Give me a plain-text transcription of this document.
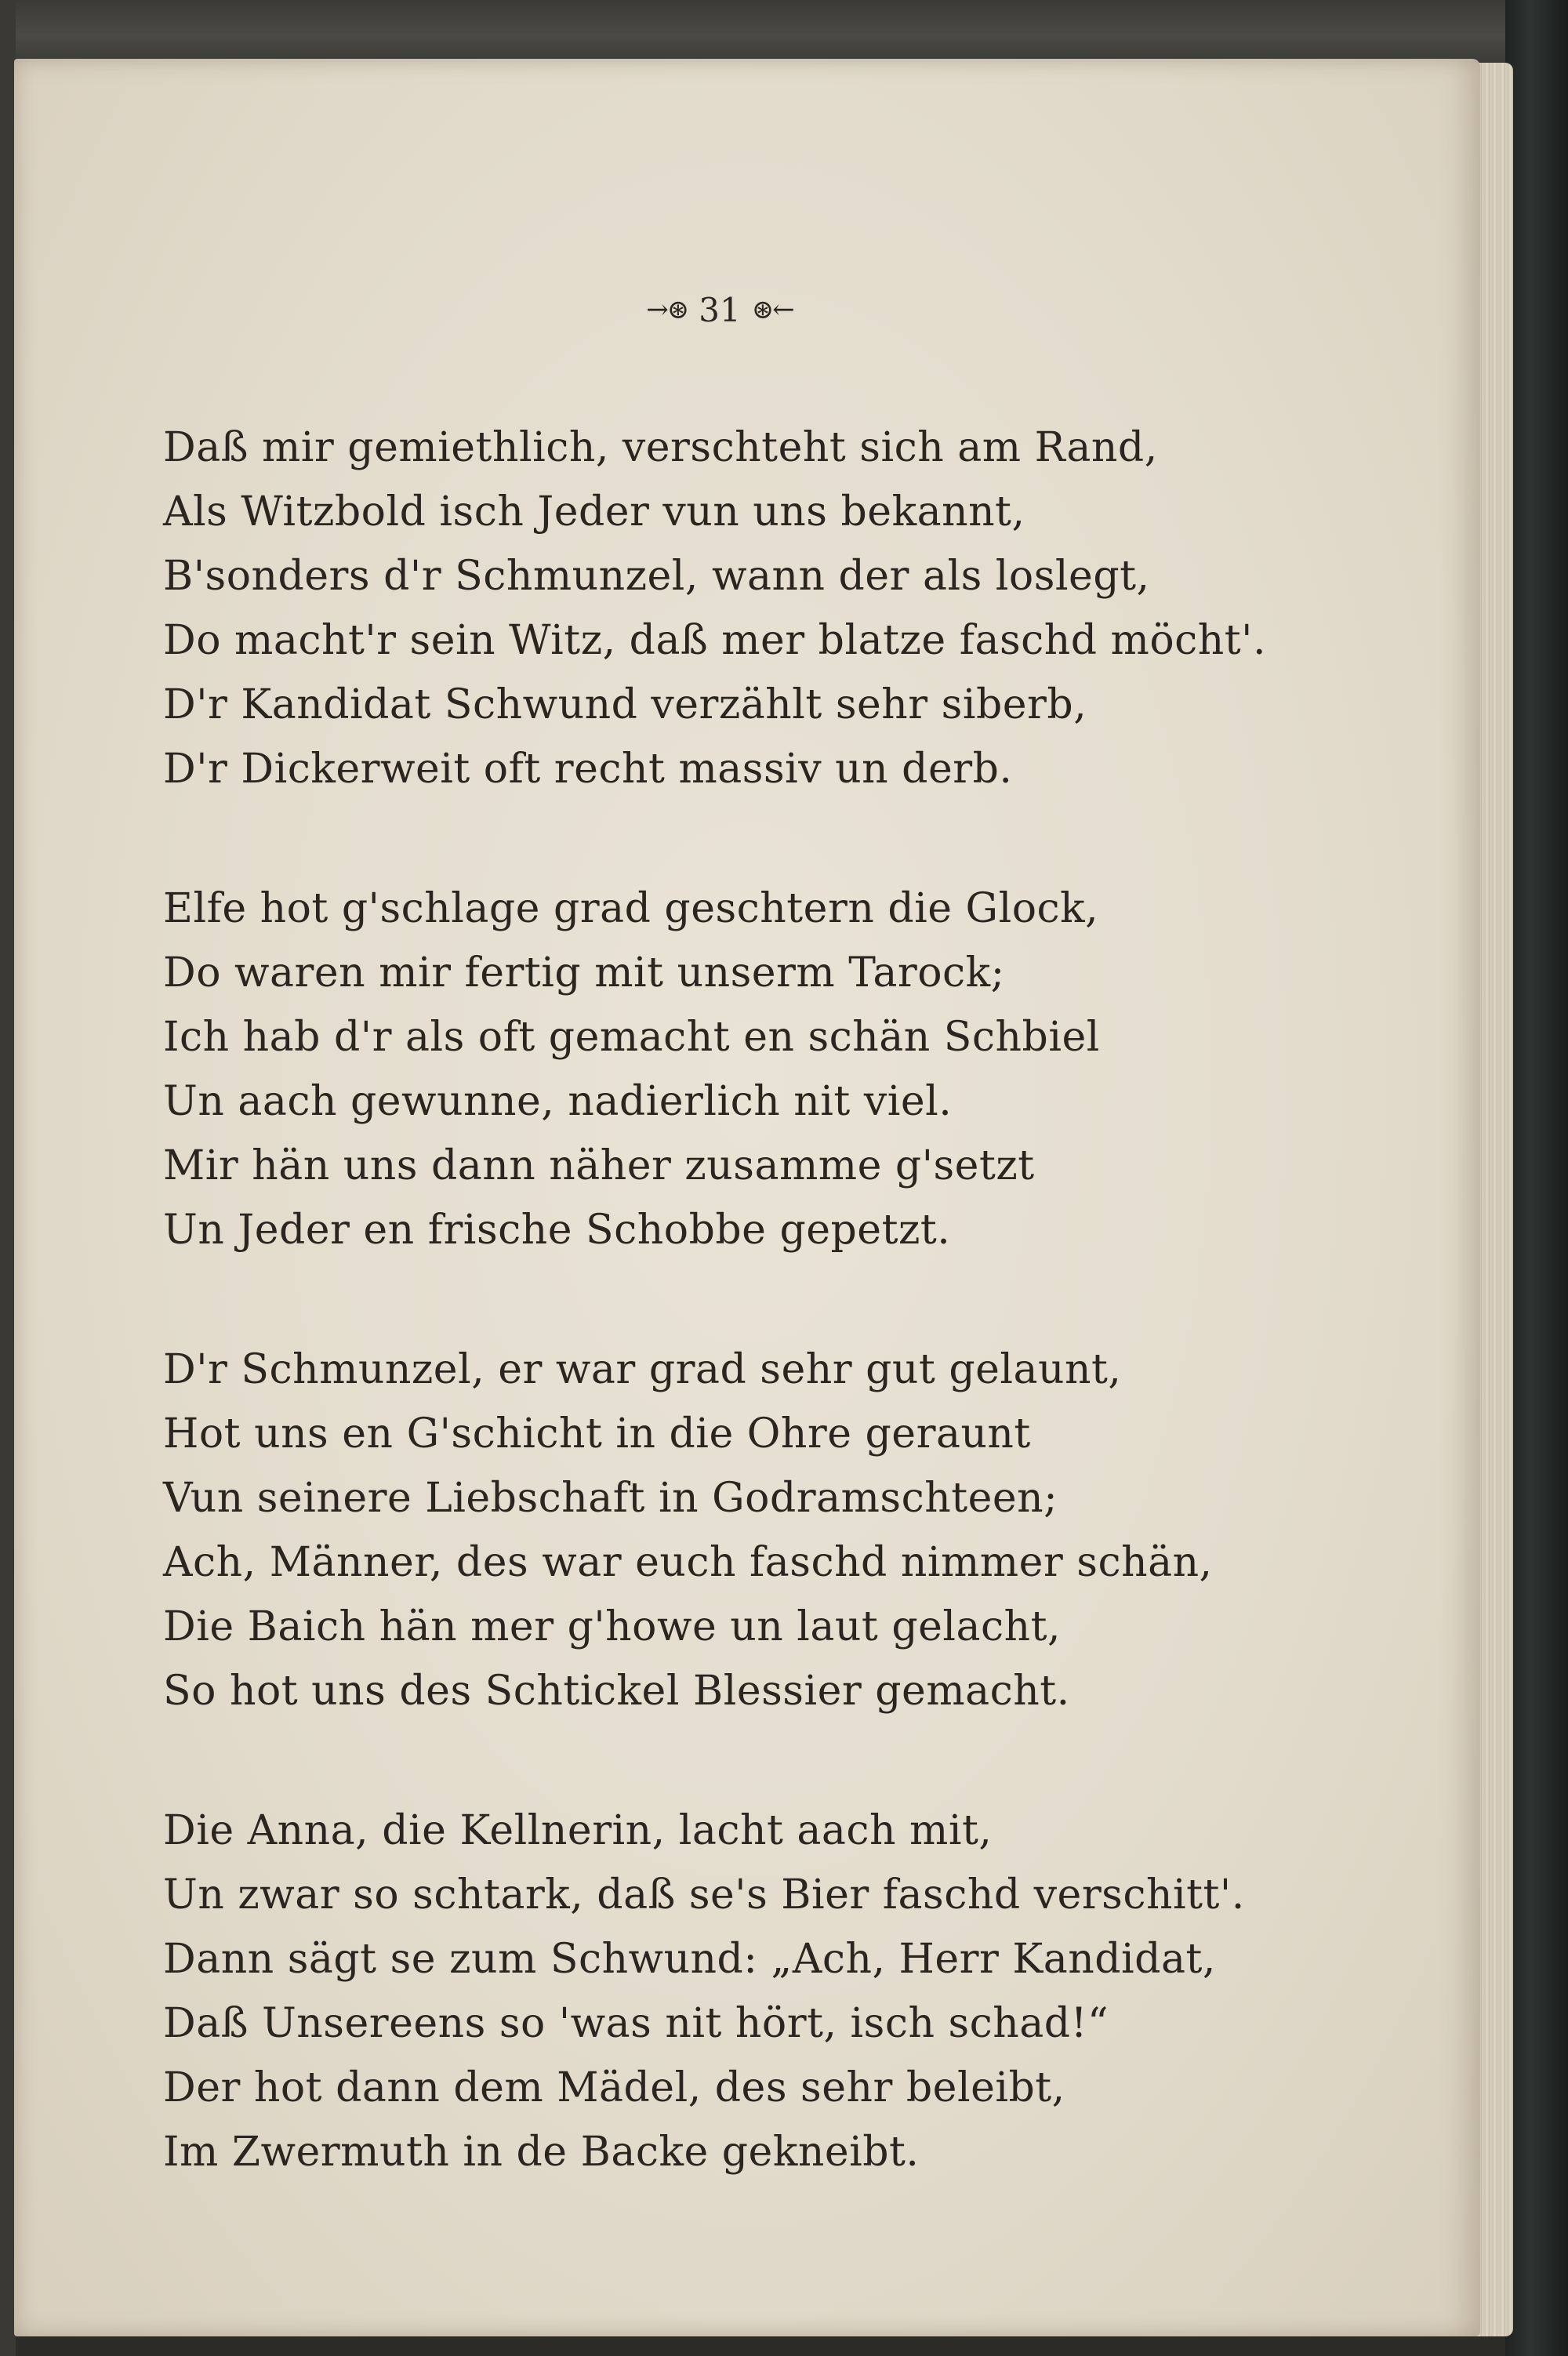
→⊛ 31 ⊛←
Daß mir gemiethlich, verschteht sich am Rand,
Als Witzbold isch Jeder vun uns bekannt,
B'sonders d'r Schmunzel, wann der als loslegt,
Do macht'r sein Witz, daß mer blatze faschd möcht'.
D'r Kandidat Schwund verzählt sehr siberb,
D'r Dickerweit oft recht massiv un derb.
Elfe hot g'schlage grad geschtern die Glock,
Do waren mir fertig mit unserm Tarock;
Ich hab d'r als oft gemacht en schän Schbiel
Un aach gewunne, nadierlich nit viel.
Mir hän uns dann näher zusamme g'setzt
Un Jeder en frische Schobbe gepetzt.
D'r Schmunzel, er war grad sehr gut gelaunt,
Hot uns en G'schicht in die Ohre geraunt
Vun seinere Liebschaft in Godramschteen;
Ach, Männer, des war euch faschd nimmer schän,
Die Baich hän mer g'howe un laut gelacht,
So hot uns des Schtickel Blessier gemacht.
Die Anna, die Kellnerin, lacht aach mit,
Un zwar so schtark, daß se's Bier faschd verschitt'.
Dann sägt se zum Schwund: „Ach, Herr Kandidat,
Daß Unsereens so 'was nit hört, isch schad!“
Der hot dann dem Mädel, des sehr beleibt,
Im Zwermuth in de Backe gekneibt.
